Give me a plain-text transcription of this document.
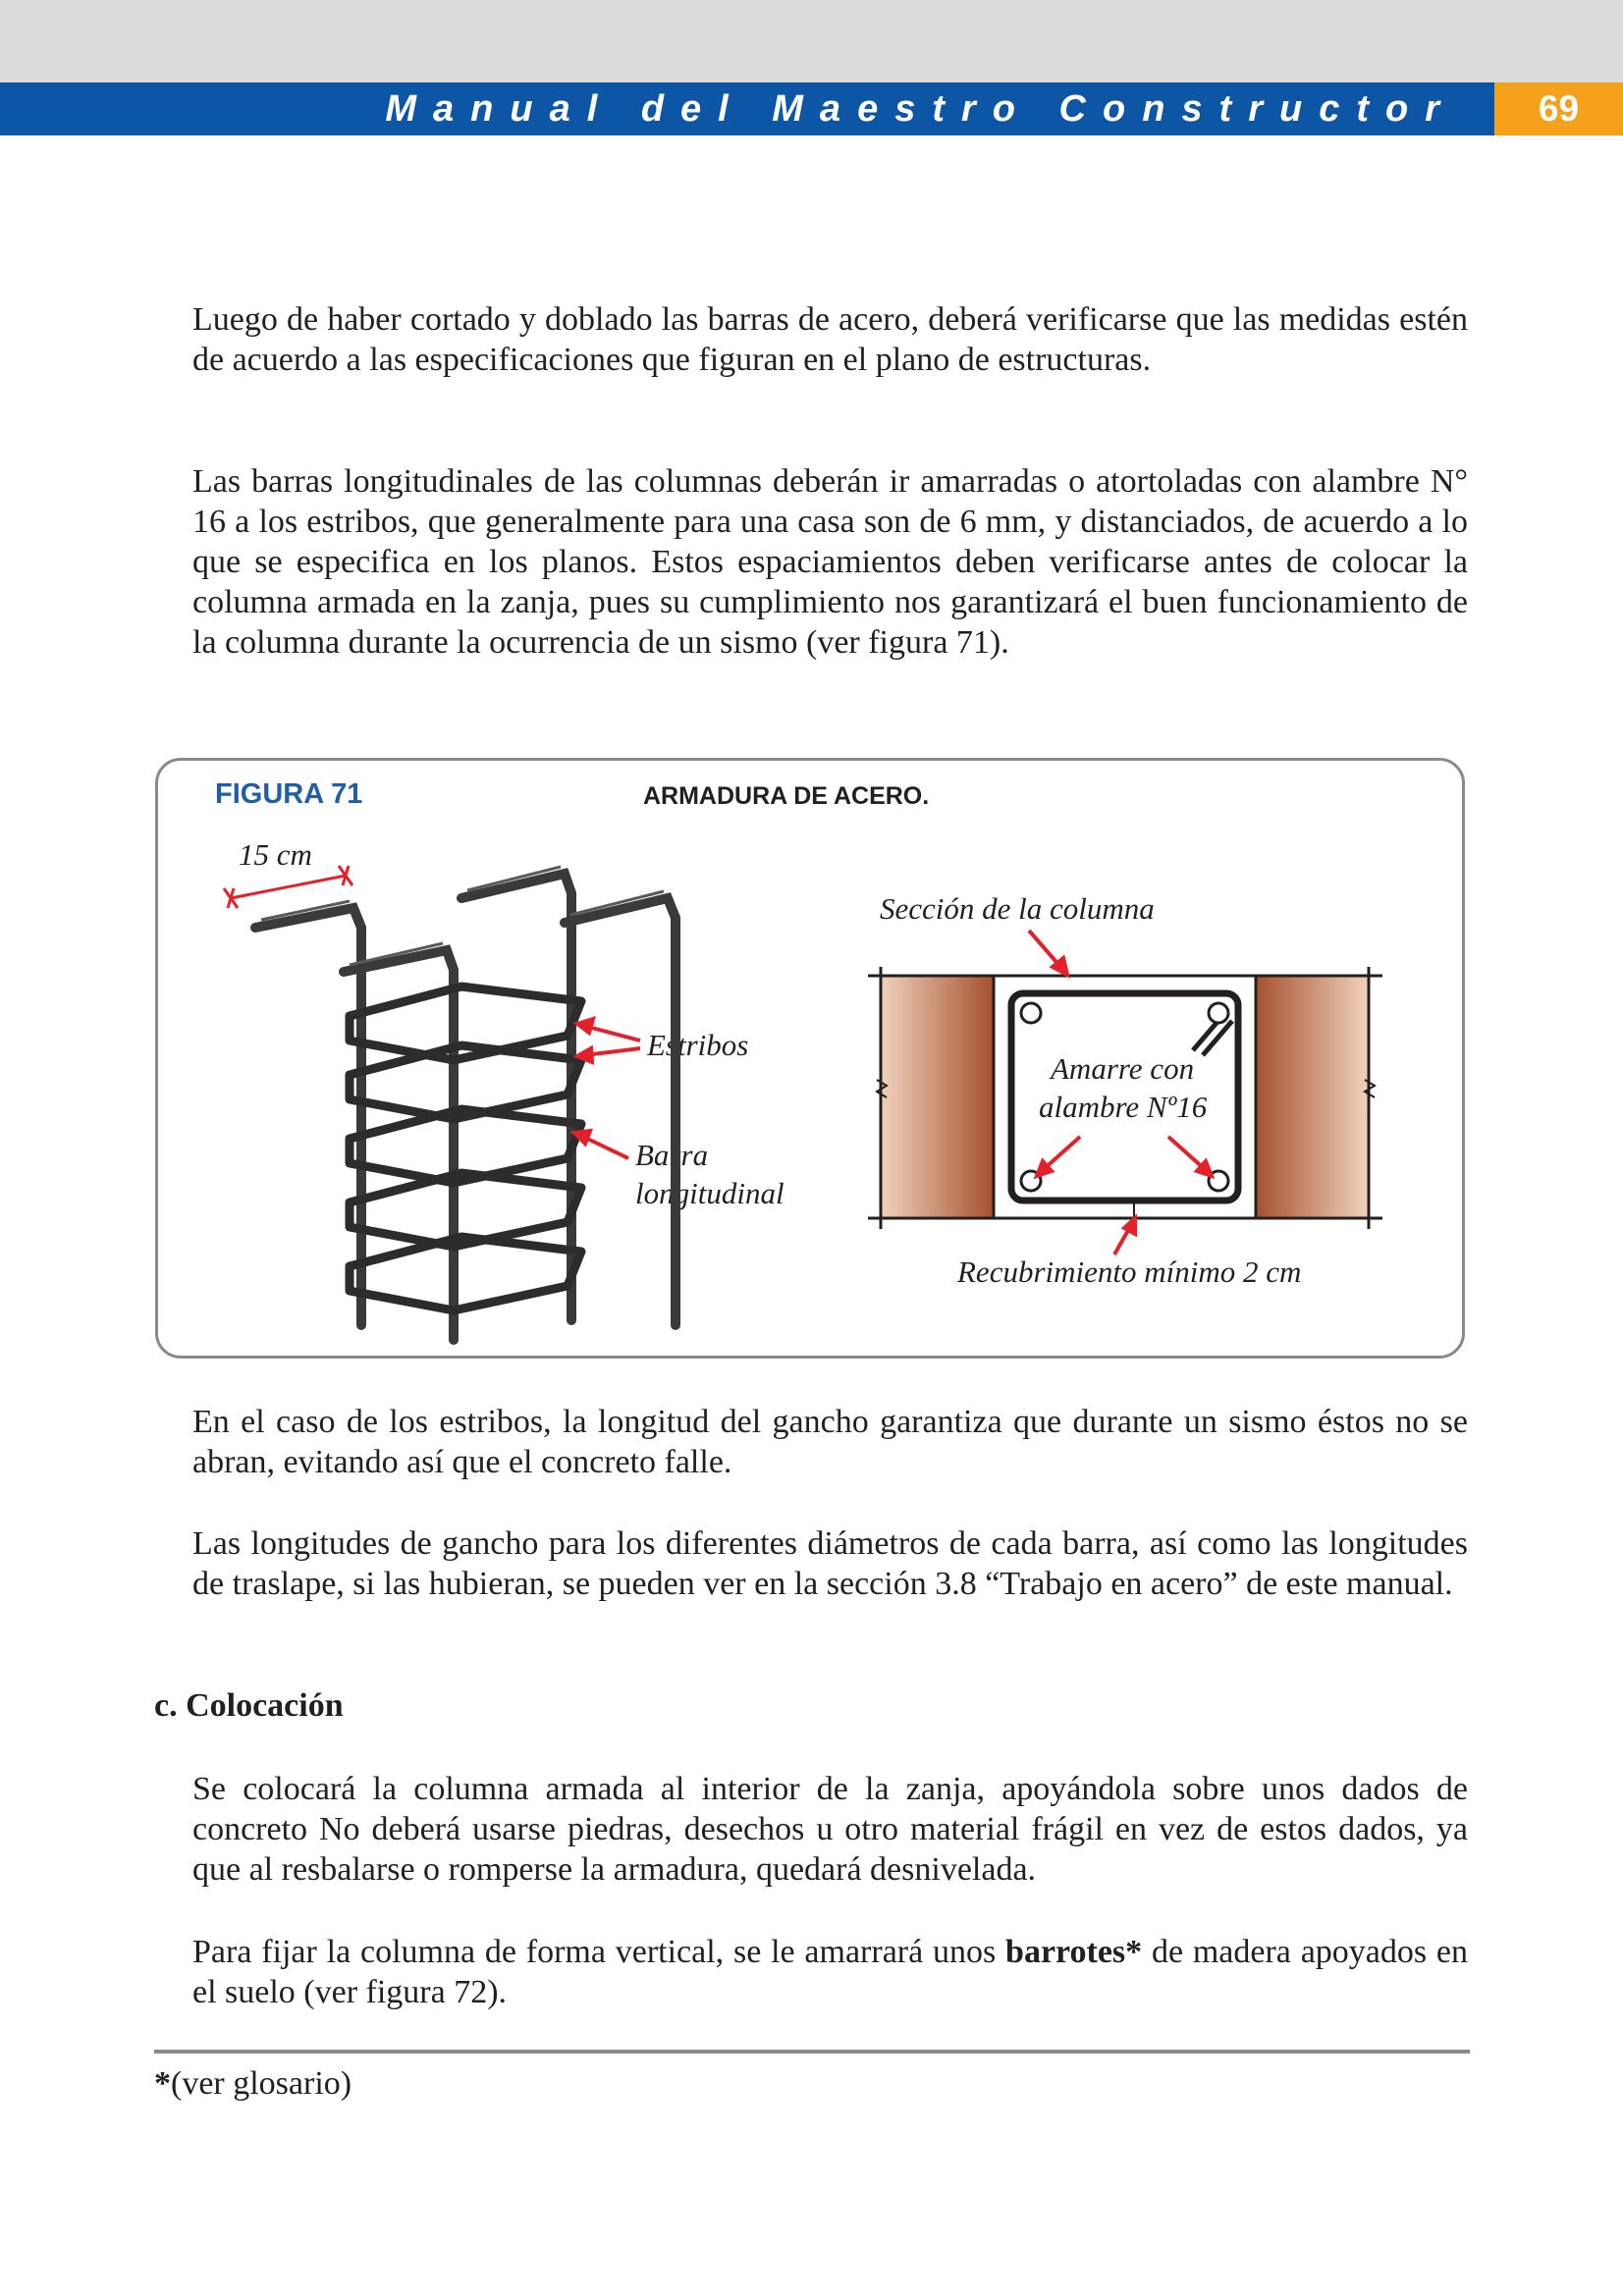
Manual del Maestro Constructor	69

Luego de haber cortado y doblado las barras de acero, deberá verificarse que las medidas estén de acuerdo a las especificaciones que figuran en el plano de estructuras.

Las barras longitudinales de las columnas deberán ir amarradas o atortoladas con alambre N° 16 a los estribos, que generalmente para una casa son de 6 mm, y distanciados, de acuerdo a lo que se especifica en los planos. Estos espaciamientos deben verificarse antes de colocar la columna armada en la zanja, pues su cumplimiento nos garantizará el buen funcionamiento de la columna durante la ocurrencia de un sismo (ver figura 71).

FIGURA 71	ARMADURA DE ACERO.
15 cm
Estribos
Barra
longitudinal
Sección de la columna
Amarre con
alambre Nº16
Recubrimiento mínimo 2 cm

En el caso de los estribos, la longitud del gancho garantiza que durante un sismo éstos no se abran, evitando así que el concreto falle.

Las longitudes de gancho para los diferentes diámetros de cada barra, así como las longitudes de traslape, si las hubieran, se pueden ver en la sección 3.8 “Trabajo en acero” de este manual.

c. Colocación

Se colocará la columna armada al interior de la zanja, apoyándola sobre unos dados de concreto No deberá usarse piedras, desechos u otro material frágil en vez de estos dados, ya que al resbalarse o romperse la armadura, quedará desnivelada.

Para fijar la columna de forma vertical, se le amarrará unos barrotes* de madera apoyados en el suelo (ver figura 72).

*(ver glosario)
